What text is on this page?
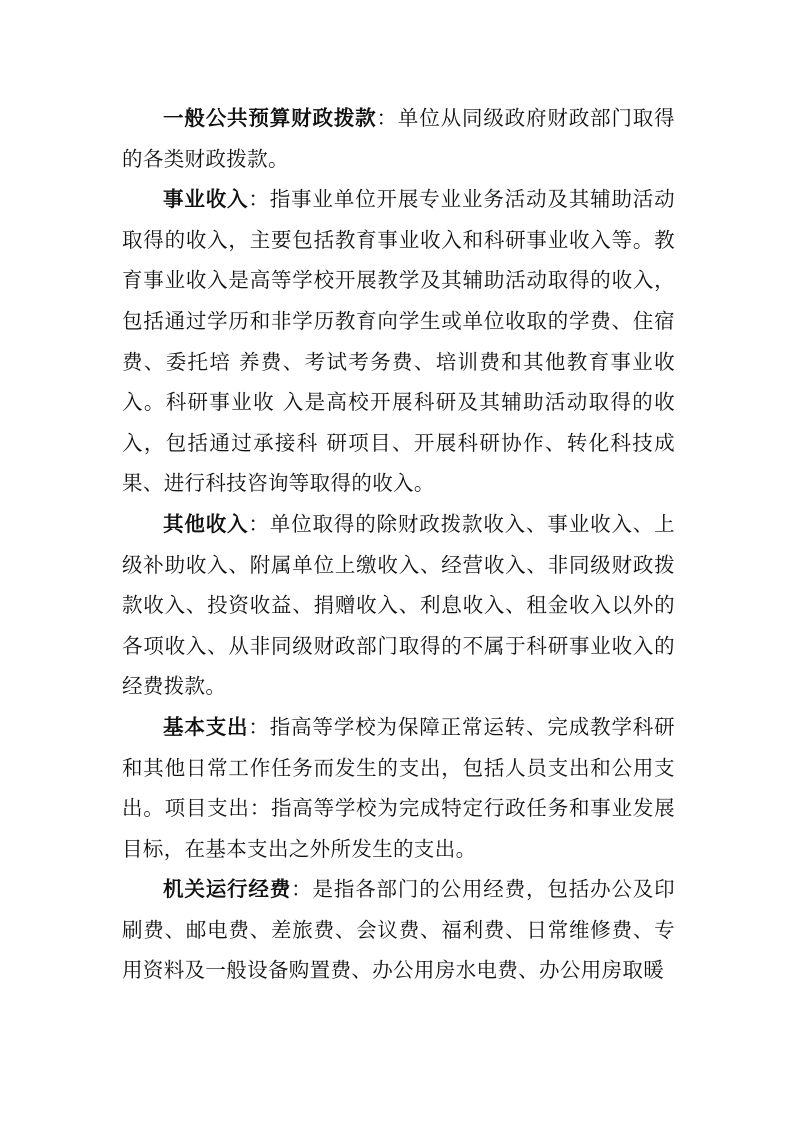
一般公共预算财政拨款：单位从同级政府财政部门取得的各类财政拨款。

事业收入：指事业单位开展专业业务活动及其辅助活动取得的收入，主要包括教育事业收入和科研事业收入等。教育事业收入是高等学校开展教学及其辅助活动取得的收入，包括通过学历和非学历教育向学生或单位收取的学费、住宿费、委托培 养费、考试考务费、培训费和其他教育事业收入。科研事业收 入是高校开展科研及其辅助活动取得的收入，包括通过承接科 研项目、开展科研协作、转化科技成果、进行科技咨询等取得的收入。

其他收入：单位取得的除财政拨款收入、事业收入、上级补助收入、附属单位上缴收入、经营收入、非同级财政拨款收入、投资收益、捐赠收入、利息收入、租金收入以外的各项收入、从非同级财政部门取得的不属于科研事业收入的经费拨款。

基本支出：指高等学校为保障正常运转、完成教学科研和其他日常工作任务而发生的支出，包括人员支出和公用支出。项目支出：指高等学校为完成特定行政任务和事业发展目标，在基本支出之外所发生的支出。

机关运行经费：是指各部门的公用经费，包括办公及印刷费、邮电费、差旅费、会议费、福利费、日常维修费、专用资料及一般设备购置费、办公用房水电费、办公用房取暖
